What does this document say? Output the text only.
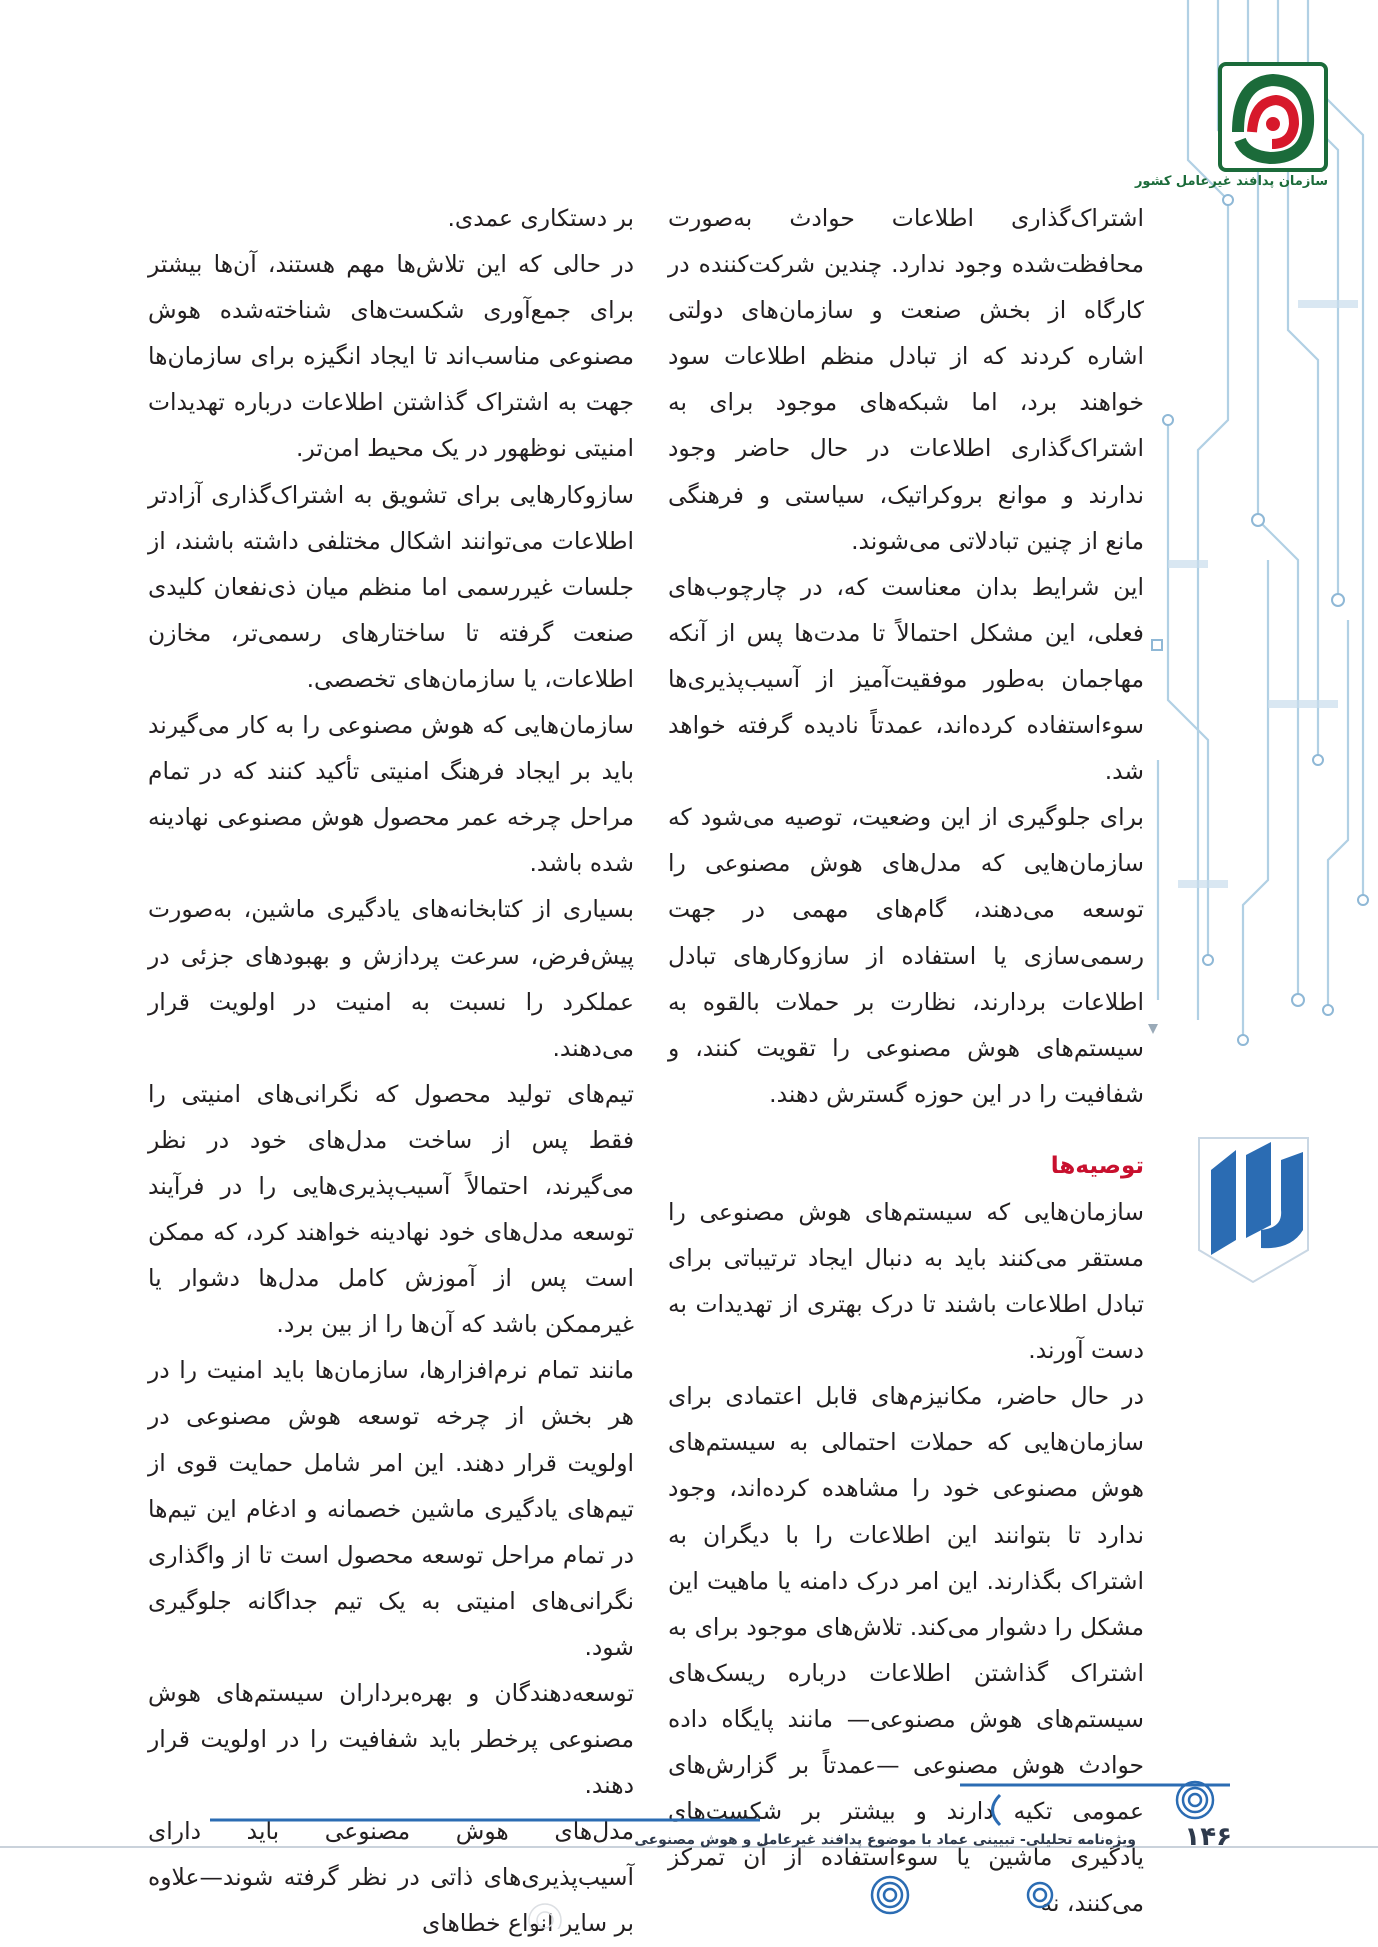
سازمان پدافند غیرعامل کشور

اشتراک‌گذاری اطلاعات حوادث به‌صورت محافظت‌شده وجود ندارد. چندین شرکت‌کننده در کارگاه از بخش صنعت و سازمان‌های دولتی اشاره کردند که از تبادل منظم اطلاعات سود خواهند برد، اما شبکه‌های موجود برای به اشتراک‌گذاری اطلاعات در حال حاضر وجود ندارند و موانع بروکراتیک، سیاستی و فرهنگی مانع از چنین تبادلاتی می‌شوند.

این شرایط بدان معناست که، در چارچوب‌های فعلی، این مشکل احتمالاً تا مدت‌ها پس از آنکه مهاجمان به‌طور موفقیت‌آمیز از آسیب‌پذیری‌ها سوءاستفاده کرده‌اند، عمدتاً نادیده گرفته خواهد شد.

برای جلوگیری از این وضعیت، توصیه می‌شود که سازمان‌هایی که مدل‌های هوش مصنوعی را توسعه می‌دهند، گام‌های مهمی در جهت رسمی‌سازی یا استفاده از سازوکارهای تبادل اطلاعات بردارند، نظارت بر حملات بالقوه به سیستم‌های هوش مصنوعی را تقویت کنند، و شفافیت را در این حوزه گسترش دهند.

توصیه‌ها

سازمان‌هایی که سیستم‌های هوش مصنوعی را مستقر می‌کنند باید به دنبال ایجاد ترتیباتی برای تبادل اطلاعات باشند تا درک بهتری از تهدیدات به دست آورند.

در حال حاضر، مکانیزم‌های قابل اعتمادی برای سازمان‌هایی که حملات احتمالی به سیستم‌های هوش مصنوعی خود را مشاهده کرده‌اند، وجود ندارد تا بتوانند این اطلاعات را با دیگران به اشتراک بگذارند. این امر درک دامنه یا ماهیت این مشکل را دشوار می‌کند. تلاش‌های موجود برای به اشتراک گذاشتن اطلاعات درباره ریسک‌های سیستم‌های هوش مصنوعی— مانند پایگاه داده حوادث هوش مصنوعی —عمدتاً بر گزارش‌های عمومی تکیه دارند و بیشتر بر شکست‌های یادگیری ماشین یا سوءاستفاده از آن تمرکز می‌کنند، نه

بر دستکاری عمدی.

در حالی که این تلاش‌ها مهم هستند، آن‌ها بیشتر برای جمع‌آوری شکست‌های شناخته‌شده هوش مصنوعی مناسب‌اند تا ایجاد انگیزه برای سازمان‌ها جهت به اشتراک گذاشتن اطلاعات درباره تهدیدات امنیتی نوظهور در یک محیط امن‌تر.

سازوکارهایی برای تشویق به اشتراک‌گذاری آزادتر اطلاعات می‌توانند اشکال مختلفی داشته باشند، از جلسات غیررسمی اما منظم میان ذی‌نفعان کلیدی صنعت گرفته تا ساختارهای رسمی‌تر، مخازن اطلاعات، یا سازمان‌های تخصصی.

سازمان‌هایی که هوش مصنوعی را به کار می‌گیرند باید بر ایجاد فرهنگ امنیتی تأکید کنند که در تمام مراحل چرخه عمر محصول هوش مصنوعی نهادینه شده باشد.

بسیاری از کتابخانه‌های یادگیری ماشین، به‌صورت پیش‌فرض، سرعت پردازش و بهبودهای جزئی در عملکرد را نسبت به امنیت در اولویت قرار می‌دهند.

تیم‌های تولید محصول که نگرانی‌های امنیتی را فقط پس از ساخت مدل‌های خود در نظر می‌گیرند، احتمالاً آسیب‌پذیری‌هایی را در فرآیند توسعه مدل‌های خود نهادینه خواهند کرد، که ممکن است پس از آموزش کامل مدل‌ها دشوار یا غیرممکن باشد که آن‌ها را از بین برد.

مانند تمام نرم‌افزارها، سازمان‌ها باید امنیت را در هر بخش از چرخه توسعه هوش مصنوعی در اولویت قرار دهند. این امر شامل حمایت قوی از تیم‌های یادگیری ماشین خصمانه و ادغام این تیم‌ها در تمام مراحل توسعه محصول است تا از واگذاری نگرانی‌های امنیتی به یک تیم جداگانه جلوگیری شود.

توسعه‌دهندگان و بهره‌برداران سیستم‌های هوش مصنوعی پرخطر باید شفافیت را در اولویت قرار دهند.

مدل‌های هوش مصنوعی باید دارای آسیب‌پذیری‌های ذاتی در نظر گرفته شوند—علاوه بر سایر انواع خطاهای

ویژه‌نامه تحلیلی- تبیینی عماد با موضوع پدافند غیرعامل و هوش مصنوعی ۱۴۶
